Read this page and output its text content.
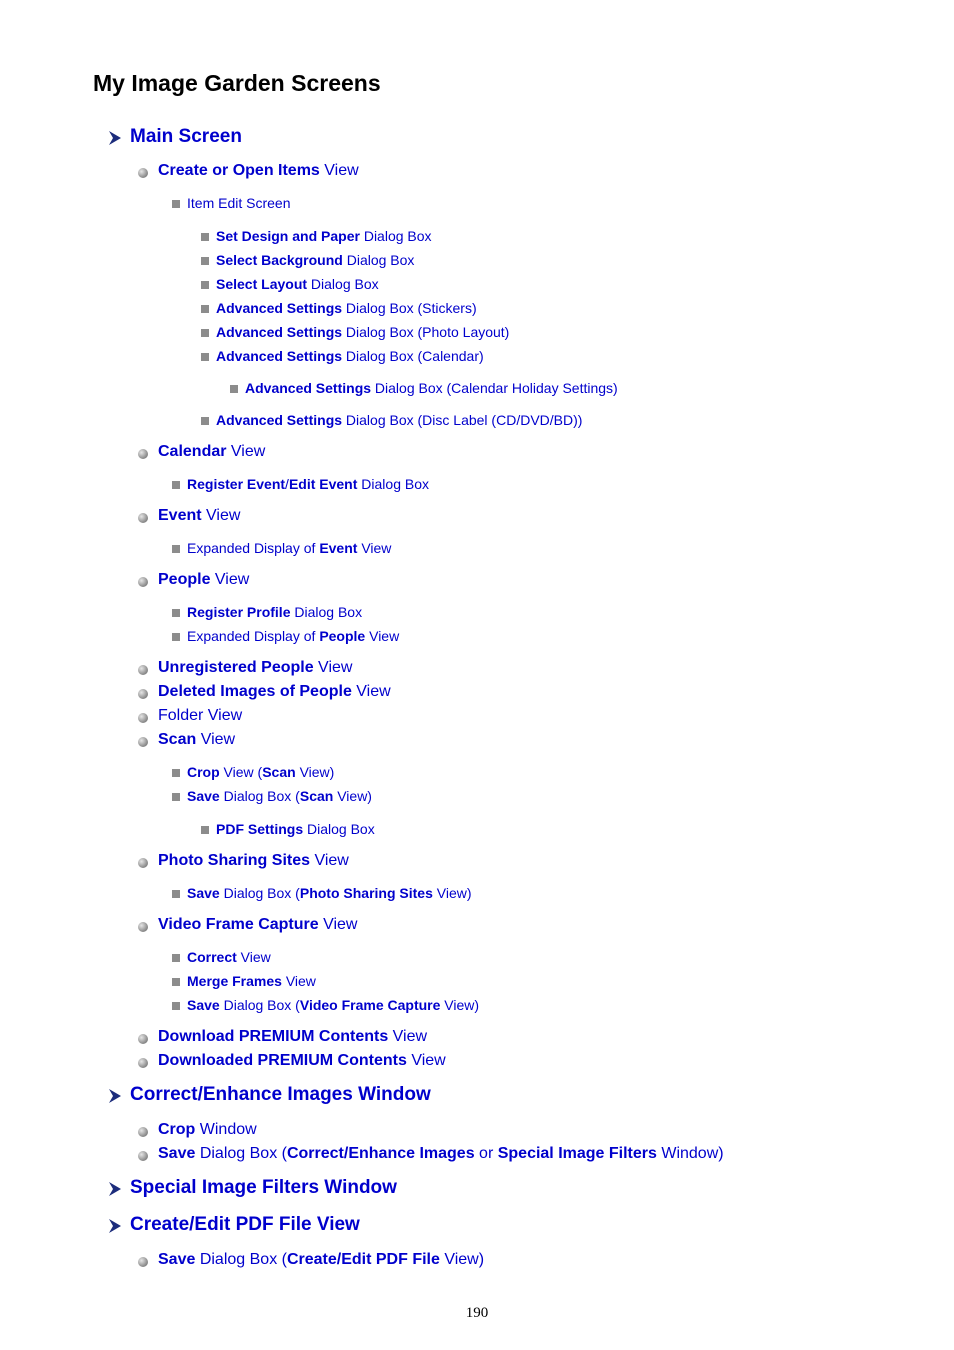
My Image Garden Screens
Main Screen
Create or Open Items View
Item Edit Screen
Set Design and Paper Dialog Box
Select Background Dialog Box
Select Layout Dialog Box
Advanced Settings Dialog Box (Stickers)
Advanced Settings Dialog Box (Photo Layout)
Advanced Settings Dialog Box (Calendar)
Advanced Settings Dialog Box (Calendar Holiday Settings)
Advanced Settings Dialog Box (Disc Label (CD/DVD/BD))
Calendar View
Register Event/Edit Event Dialog Box
Event View
Expanded Display of Event View
People View
Register Profile Dialog Box
Expanded Display of People View
Unregistered People View
Deleted Images of People View
Folder View
Scan View
Crop View (Scan View)
Save Dialog Box (Scan View)
PDF Settings Dialog Box
Photo Sharing Sites View
Save Dialog Box (Photo Sharing Sites View)
Video Frame Capture View
Correct View
Merge Frames View
Save Dialog Box (Video Frame Capture View)
Download PREMIUM Contents View
Downloaded PREMIUM Contents View
Correct/Enhance Images Window
Crop Window
Save Dialog Box (Correct/Enhance Images or Special Image Filters Window)
Special Image Filters Window
Create/Edit PDF File View
Save Dialog Box (Create/Edit PDF File View)
190
